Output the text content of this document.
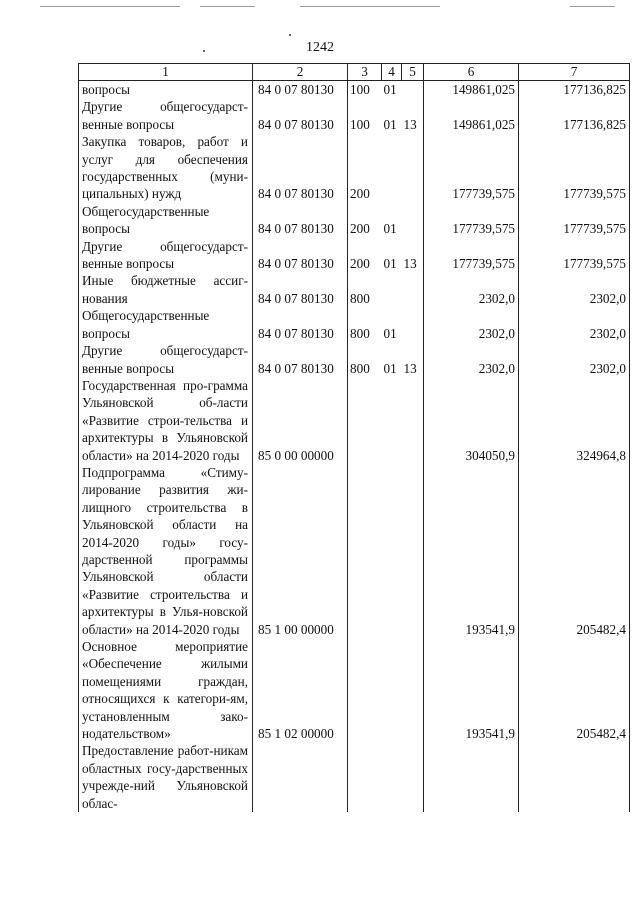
1242
1	2	3	4	5	6	7
вопросы	84 0 07 80130	100	01		149861,025	177136,825
Другие общегосударст-венные вопросы	84 0 07 80130	100	01	13	149861,025	177136,825
Закупка товаров, работ и услуг для обеспечения государственных (муни-ципальных) нужд	84 0 07 80130	200			177739,575	177739,575
Общегосударственные вопросы	84 0 07 80130	200	01		177739,575	177739,575
Другие общегосударст-венные вопросы	84 0 07 80130	200	01	13	177739,575	177739,575
Иные бюджетные ассиг-нования	84 0 07 80130	800			2302,0	2302,0
Общегосударственные вопросы	84 0 07 80130	800	01		2302,0	2302,0
Другие общегосударст-венные вопросы	84 0 07 80130	800	01	13	2302,0	2302,0
Государственная про-грамма Ульяновской об-ласти «Развитие строи-тельства и архитектуры в Ульяновской области» на 2014-2020 годы	85 0 00 00000				304050,9	324964,8
Подпрограмма «Стиму-лирование развития жи-лищного строительства в Ульяновской области на 2014-2020 годы» госу-дарственной программы Ульяновской области «Развитие строительства и архитектуры в Улья-новской области» на 2014-2020 годы	85 1 00 00000				193541,9	205482,4
Основное мероприятие «Обеспечение жилыми помещениями граждан, относящихся к категори-ям, установленным зако-нодательством»	85 1 02 00000				193541,9	205482,4
Предоставление работ-никам областных госу-дарственных учрежде-ний Ульяновской облас-						
